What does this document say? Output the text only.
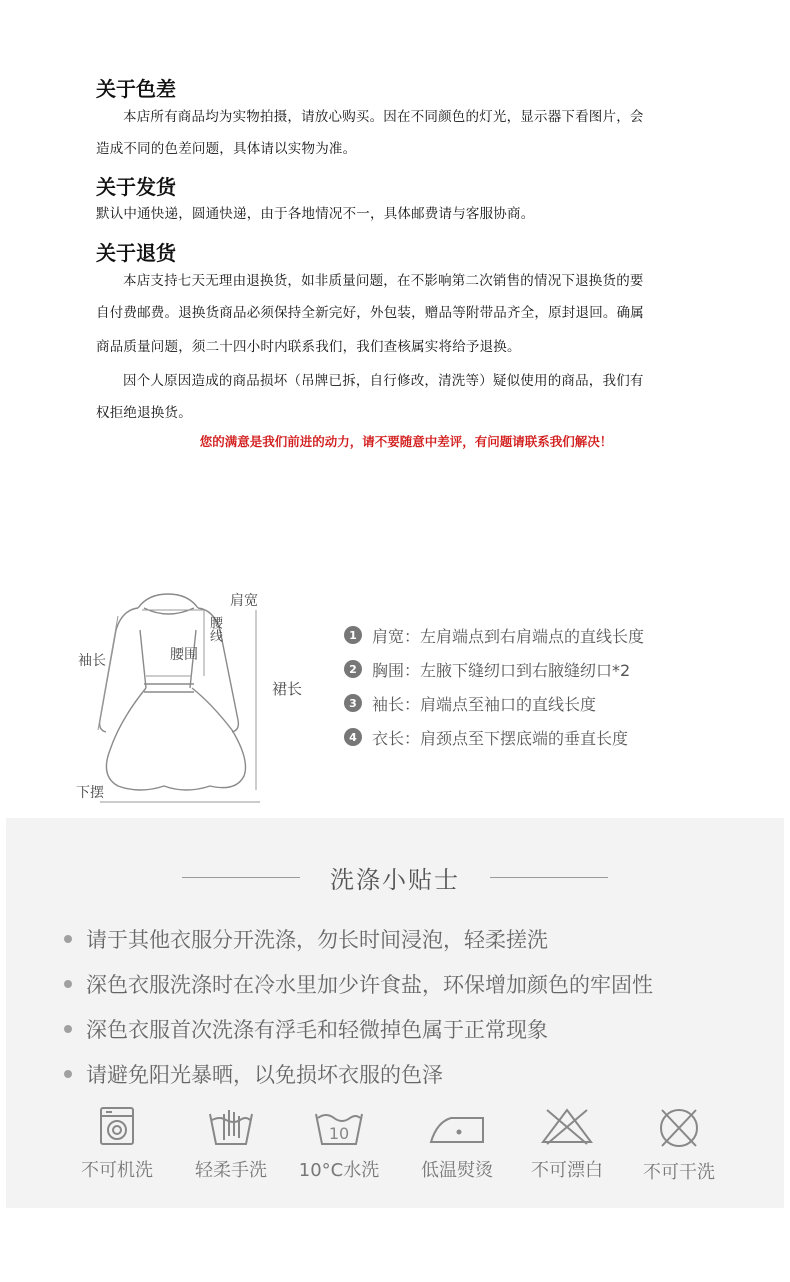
关于色差

本店所有商品均为实物拍摄，请放心购买。因在不同颜色的灯光，显示器下看图片，会

造成不同的色差问题，具体请以实物为准。

关于发货

默认中通快递，圆通快递，由于各地情况不一，具体邮费请与客服协商。

关于退货

本店支持七天无理由退换货，如非质量问题，在不影响第二次销售的情况下退换货的要

自付费邮费。退换货商品必须保持全新完好，外包装，赠品等附带品齐全，原封退回。确属

商品质量问题，须二十四小时内联系我们，我们查核属实将给予退换。

因个人原因造成的商品损坏（吊牌已拆，自行修改，清洗等）疑似使用的商品，我们有

权拒绝退换货。

您的满意是我们前进的动力，请不要随意中差评，有问题请联系我们解决！

肩宽
腰线
袖长	腰围
裙长
下摆
1 肩宽：左肩端点到右肩端点的直线长度
2 胸围：左腋下缝纫口到右腋缝纫口*2
3 袖长：肩端点至袖口的直线长度
4 衣长：肩颈点至下摆底端的垂直长度
洗涤小贴士
请于其他衣服分开洗涤，勿长时间浸泡，轻柔搓洗
深色衣服洗涤时在冷水里加少许食盐，环保增加颜色的牢固性
深色衣服首次洗涤有浮毛和轻微掉色属于正常现象
请避免阳光暴晒，以免损坏衣服的色泽
不可机洗	轻柔手洗
10
10°C水洗	低温熨烫	不可漂白	不可干洗
